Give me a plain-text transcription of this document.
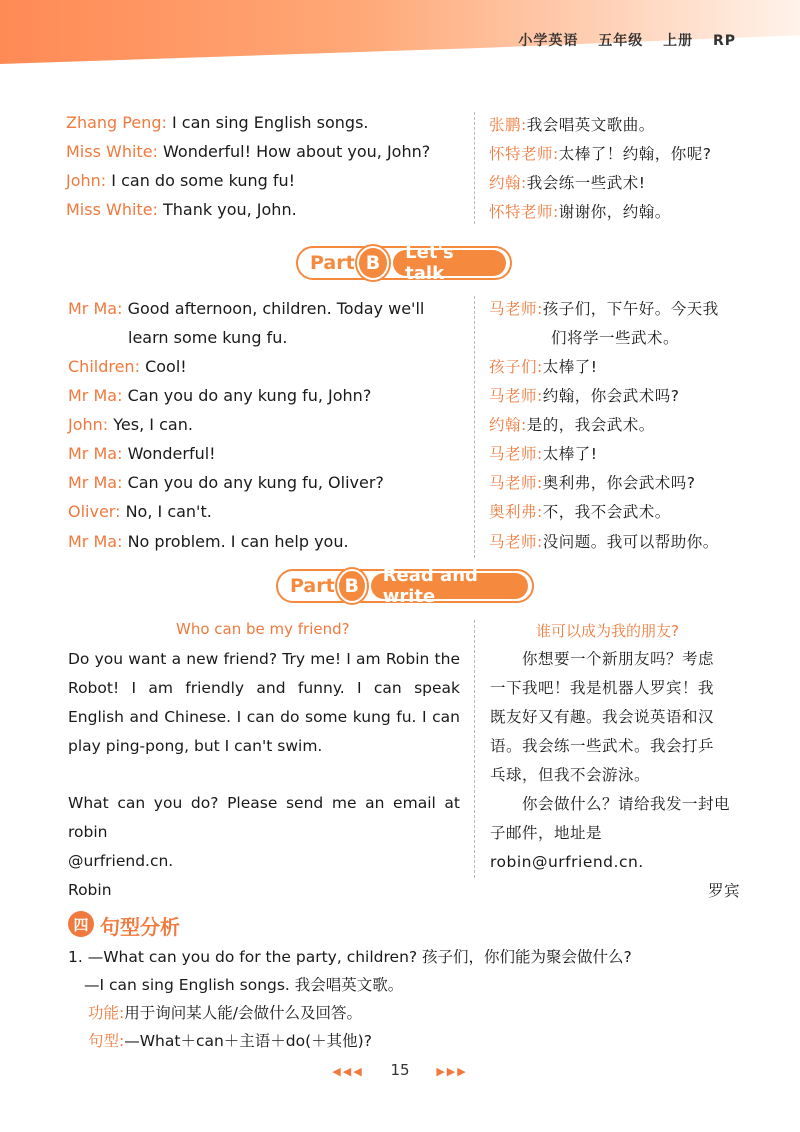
小学英语 五年级 上册 RP
Zhang Peng: I can sing English songs.
Miss White: Wonderful! How about you, John?
John: I can do some kung fu!
Miss White: Thank you, John.
张鹏:我会唱英文歌曲。
怀特老师:太棒了！约翰，你呢?
约翰:我会练一些武术!
怀特老师:谢谢你，约翰。
Part B	Let's talk
Mr Ma: Good afternoon, children. Today we'll
learn some kung fu.
Children: Cool!
Mr Ma: Can you do any kung fu, John?
John: Yes, I can.
Mr Ma: Wonderful!
Mr Ma: Can you do any kung fu, Oliver?
Oliver: No, I can't.
Mr Ma: No problem. I can help you.
马老师:孩子们，下午好。今天我
们将学一些武术。
孩子们:太棒了!
马老师:约翰，你会武术吗?
约翰:是的，我会武术。
马老师:太棒了!
马老师:奥利弗，你会武术吗?
奥利弗:不，我不会武术。
马老师:没问题。我可以帮助你。
Part B	Read and write
Who can be my friend?	谁可以成为我的朋友?
Do you want a new friend? Try me! I am Robin the
Robot! I am friendly and funny. I can speak
English and Chinese. I can do some kung fu. I can
play ping-pong, but I can't swim.
What can you do? Please send me an email at robin
@urfriend.cn.
Robin
　　你想要一个新朋友吗？考虑
一下我吧！我是机器人罗宾！我
既友好又有趣。我会说英语和汉
语。我会练一些武术。我会打乒
乓球，但我不会游泳。
　　你会做什么？请给我发一封电
子邮件，地址是 robin@urfriend.cn.
罗宾
四 句型分析
1. —What can you do for the party, children? 孩子们，你们能为聚会做什么?
—I can sing English songs. 我会唱英文歌。
功能:用于询问某人能/会做什么及回答。
句型:—What＋can＋主语＋do(＋其他)?
◀◀◀ 15 ▶▶▶
